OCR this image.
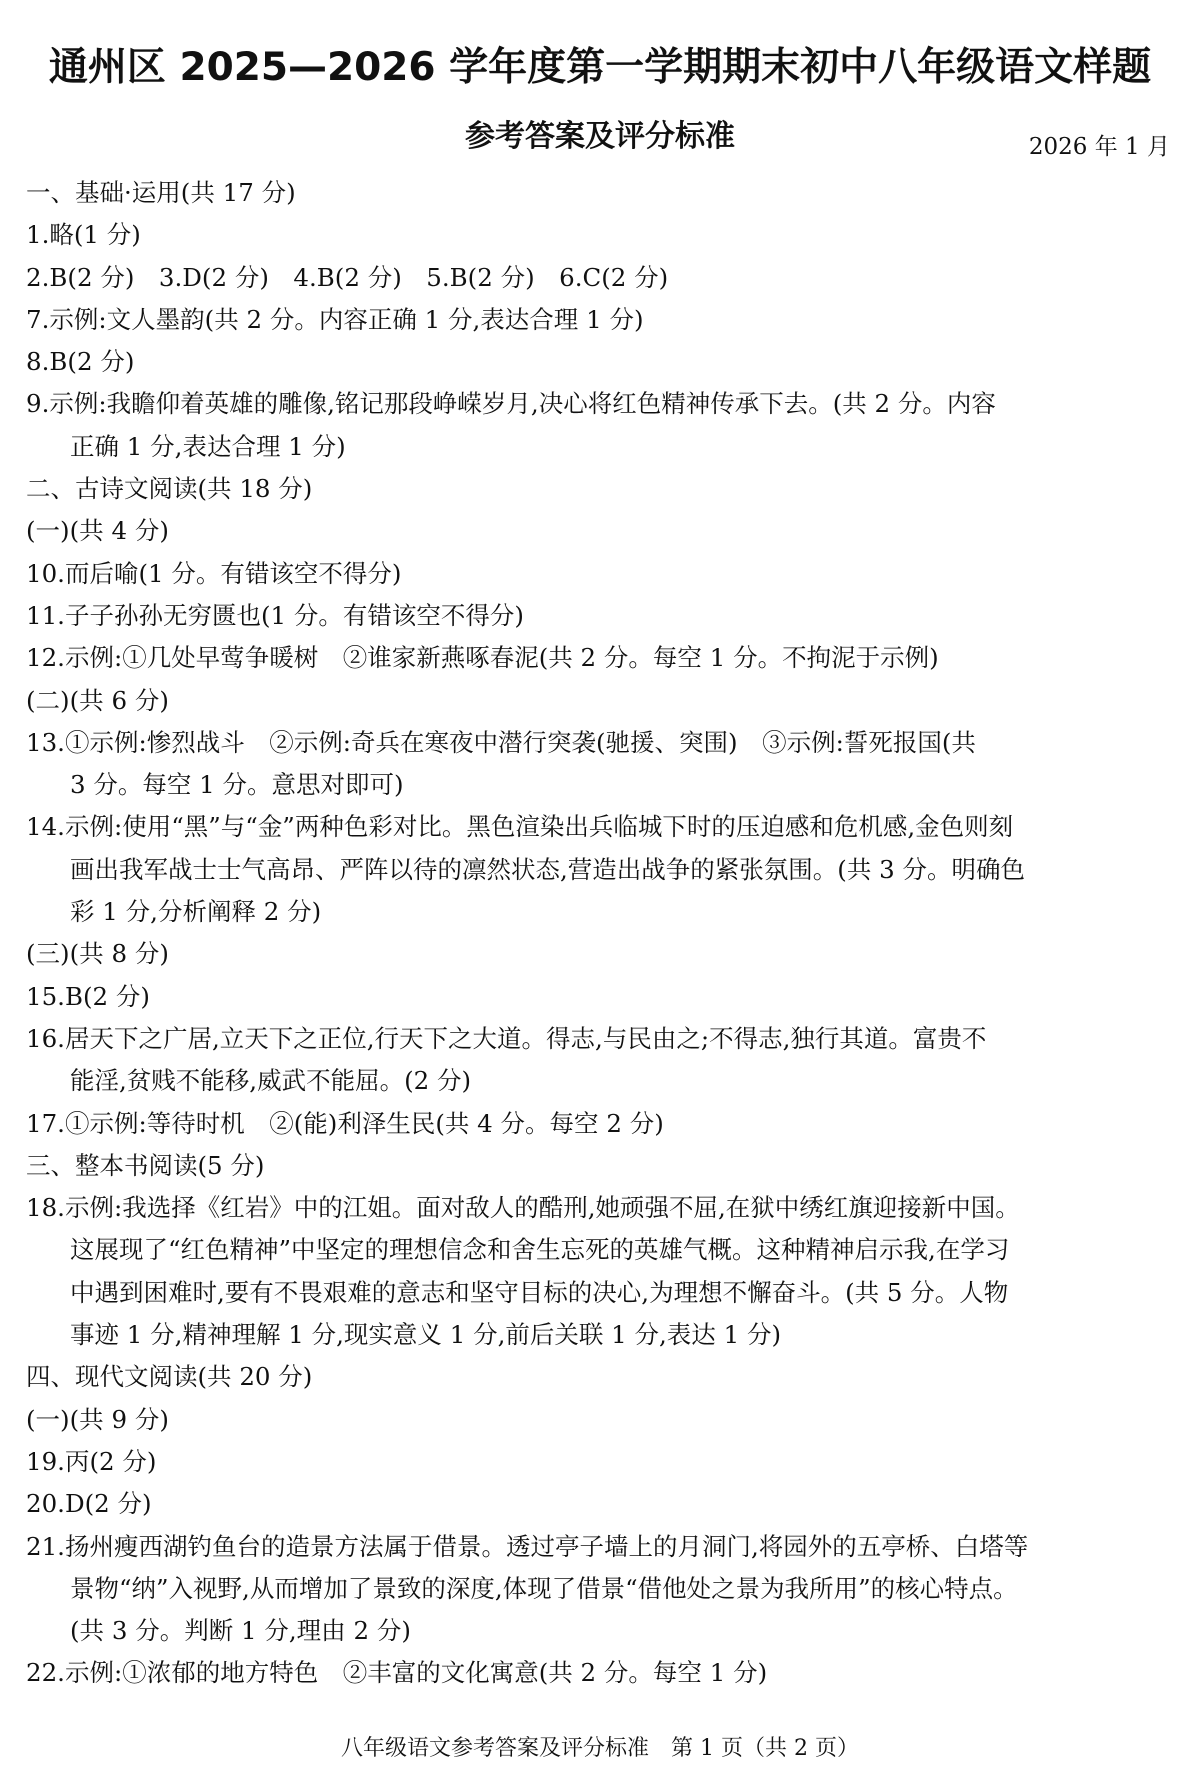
通州区 2025—2026 学年度第一学期期末初中八年级语文样题
参考答案及评分标准	2026 年 1 月
一、基础·运用(共 17 分)
1.略(1 分)
2.B(2 分)　3.D(2 分)　4.B(2 分)　5.B(2 分)　6.C(2 分)
7.示例:文人墨韵(共 2 分。内容正确 1 分,表达合理 1 分)
8.B(2 分)
9.示例:我瞻仰着英雄的雕像,铭记那段峥嵘岁月,决心将红色精神传承下去。(共 2 分。内容
正确 1 分,表达合理 1 分)
二、古诗文阅读(共 18 分)
(一)(共 4 分)
10.而后喻(1 分。有错该空不得分)
11.子子孙孙无穷匮也(1 分。有错该空不得分)
12.示例:①几处早莺争暖树　②谁家新燕啄春泥(共 2 分。每空 1 分。不拘泥于示例)
(二)(共 6 分)
13.①示例:惨烈战斗　②示例:奇兵在寒夜中潜行突袭(驰援、突围)　③示例:誓死报国(共
3 分。每空 1 分。意思对即可)
14.示例:使用“黑”与“金”两种色彩对比。黑色渲染出兵临城下时的压迫感和危机感,金色则刻
画出我军战士士气高昂、严阵以待的凛然状态,营造出战争的紧张氛围。(共 3 分。明确色
彩 1 分,分析阐释 2 分)
(三)(共 8 分)
15.B(2 分)
16.居天下之广居,立天下之正位,行天下之大道。得志,与民由之;不得志,独行其道。富贵不
能淫,贫贱不能移,威武不能屈。(2 分)
17.①示例:等待时机　②(能)利泽生民(共 4 分。每空 2 分)
三、整本书阅读(5 分)
18.示例:我选择《红岩》中的江姐。面对敌人的酷刑,她顽强不屈,在狱中绣红旗迎接新中国。
这展现了“红色精神”中坚定的理想信念和舍生忘死的英雄气概。这种精神启示我,在学习
中遇到困难时,要有不畏艰难的意志和坚守目标的决心,为理想不懈奋斗。(共 5 分。人物
事迹 1 分,精神理解 1 分,现实意义 1 分,前后关联 1 分,表达 1 分)
四、现代文阅读(共 20 分)
(一)(共 9 分)
19.丙(2 分)
20.D(2 分)
21.扬州瘦西湖钓鱼台的造景方法属于借景。透过亭子墙上的月洞门,将园外的五亭桥、白塔等
景物“纳”入视野,从而增加了景致的深度,体现了借景“借他处之景为我所用”的核心特点。
(共 3 分。判断 1 分,理由 2 分)
22.示例:①浓郁的地方特色　②丰富的文化寓意(共 2 分。每空 1 分)
八年级语文参考答案及评分标准　第 1 页（共 2 页）
